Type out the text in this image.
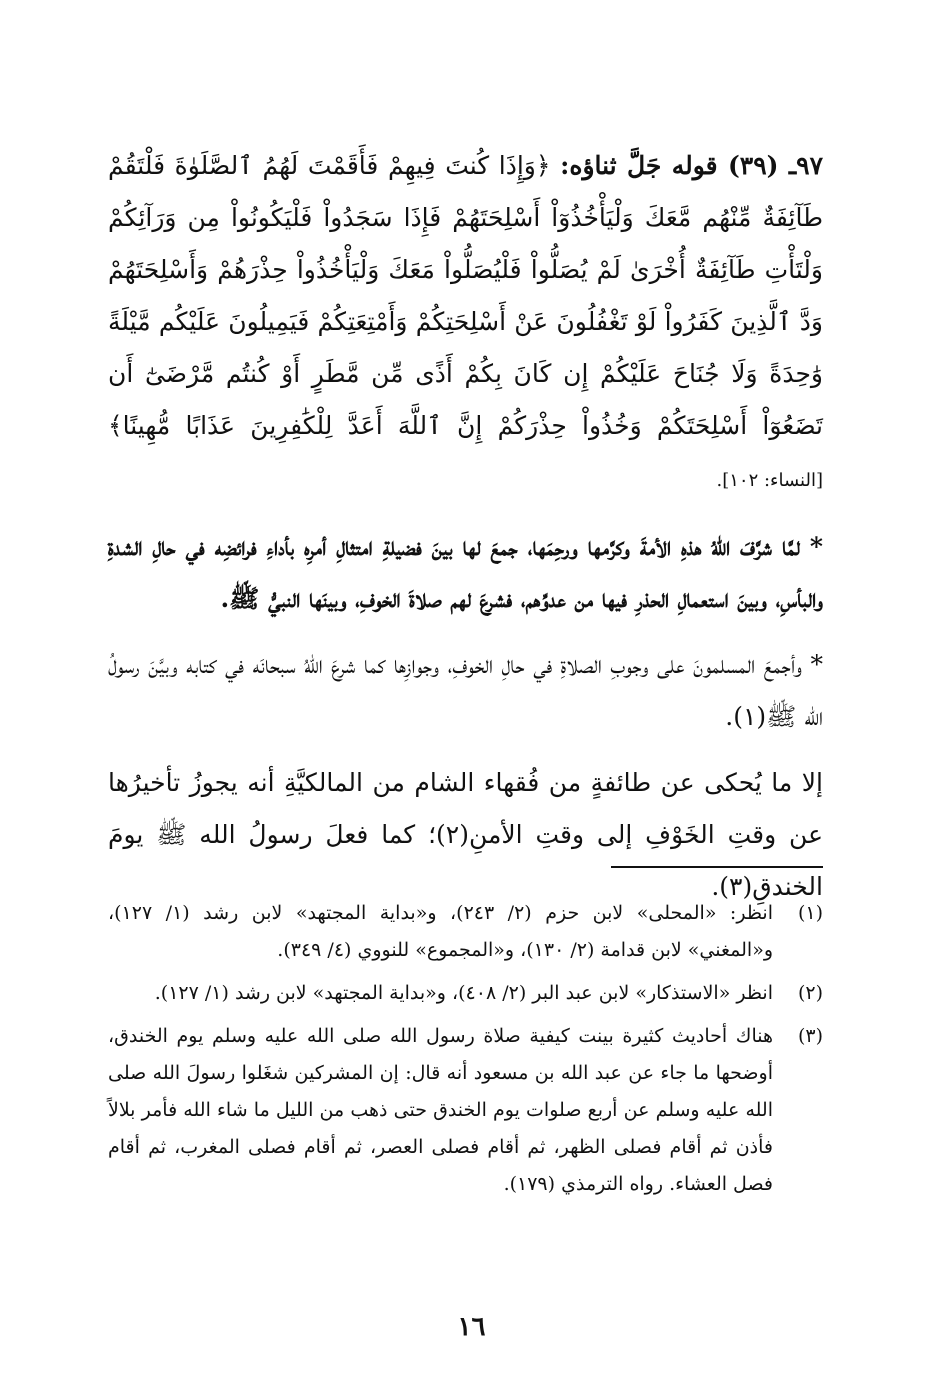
٩٧ـ (٣٩) قوله جَلَّ ثناؤه: ﴿وَإِذَا كُنتَ فِيهِمْ فَأَقَمْتَ لَهُمُ ٱلصَّلَوٰةَ فَلْتَقُمْ طَآئِفَةٌ مِّنْهُم مَّعَكَ وَلْيَأْخُذُوٓاْ أَسْلِحَتَهُمْ فَإِذَا سَجَدُواْ فَلْيَكُونُواْ مِن وَرَآئِكُمْ وَلْتَأْتِ طَآئِفَةٌ أُخْرَىٰ لَمْ يُصَلُّواْ فَلْيُصَلُّواْ مَعَكَ وَلْيَأْخُذُواْ حِذْرَهُمْ وَأَسْلِحَتَهُمْ وَدَّ ٱلَّذِينَ كَفَرُواْ لَوْ تَغْفُلُونَ عَنْ أَسْلِحَتِكُمْ وَأَمْتِعَتِكُمْ فَيَمِيلُونَ عَلَيْكُم مَّيْلَةً وَٰحِدَةً وَلَا جُنَاحَ عَلَيْكُمْ إِن كَانَ بِكُمْ أَذًى مِّن مَّطَرٍ أَوْ كُنتُم مَّرْضَىٰٓ أَن تَضَعُوٓاْ أَسْلِحَتَكُمْ وَخُذُواْ حِذْرَكُمْ إِنَّ ٱللَّهَ أَعَدَّ لِلْكَٰفِرِينَ عَذَابًا مُّهِينًا﴾ [النساء: ١٠٢].

* لمَّا شرَّفَ اللهُ هذهِ الأمةَ وكرَّمها ورحِمَها، جمعَ لها بينَ فضيلةِ امتثالِ أمرِه بأداءِ فرائضِه في حالِ الشدةِ والبأسِ، وبينَ استعمالِ الحذرِ فيها من عدوِّهم، فشرعَ لهم صلاةَ الخوفِ، وبينَها النبيُّ ﷺ.

* وأجمعَ المسلمونَ على وجوبِ الصلاةِ في حالِ الخوفِ، وجوازِها كما شرعَ اللهُ سبحانَه في كتابه وبيَّنَ رسولُ الله ﷺ(١).

إلا ما يُحكى عن طائفةٍ من فُقهاء الشام من المالكيَّةِ أنه يجوزُ تأخيرُها عن وقتِ الخَوْفِ إلى وقتِ الأمنِ(٢)؛ كما فعلَ رسولُ الله ﷺ يومَ الخندقِ(٣).

(١)
انظر: «المحلى» لابن حزم (٢/ ٢٤٣)، و«بداية المجتهد» لابن رشد (١/ ١٢٧)، و«المغني» لابن قدامة (٢/ ١٣٠)، و«المجموع» للنووي (٤/ ٣٤٩).
(٢)
انظر «الاستذكار» لابن عبد البر (٢/ ٤٠٨)، و«بداية المجتهد» لابن رشد (١/ ١٢٧).
(٣)
هناك أحاديث كثيرة بينت كيفية صلاة رسول الله صلى الله عليه وسلم يوم الخندق، أوضحها ما جاء عن عبد الله بن مسعود أنه قال: إن المشركين شغَلوا رسولَ الله صلى الله عليه وسلم عن أربع صلوات يوم الخندق حتى ذهب من الليل ما شاء الله فأمر بلالاً فأذن ثم أقام فصلى الظهر، ثم أقام فصلى العصر، ثم أقام فصلى المغرب، ثم أقام فصل العشاء. رواه الترمذي (١٧٩).
١٦
